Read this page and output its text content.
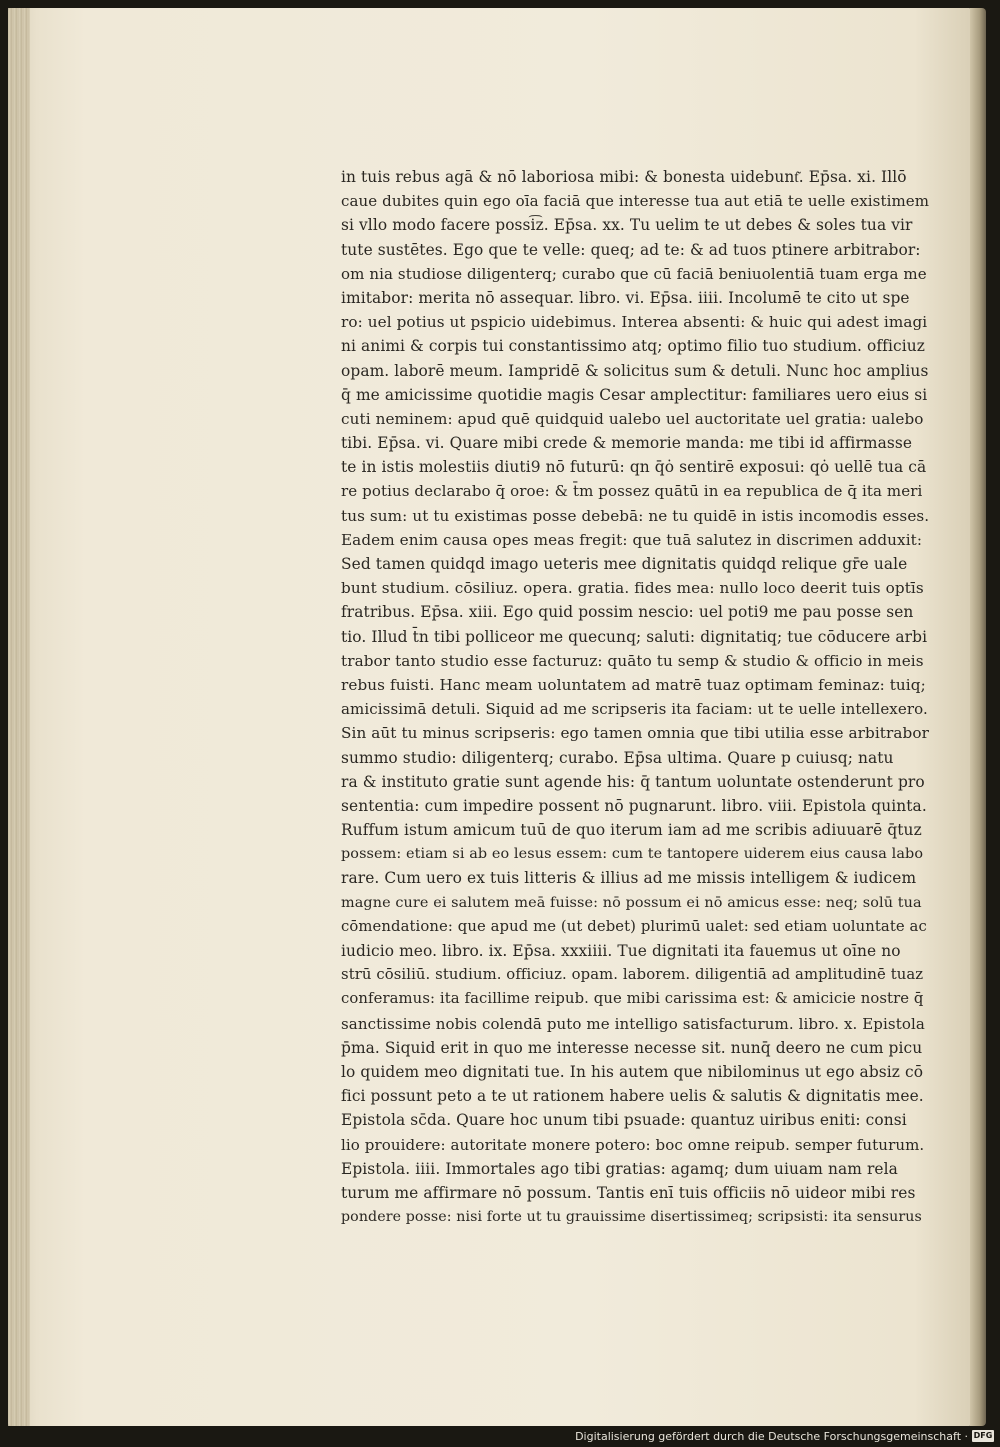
in tuis rebus agā & nō laboriosa mibi: & bonesta uidebunt͂. Ep̄sa. xi. Illō
caue dubites quin ego oīa faciā que interesse tua aut etiā te uelle existimem
si vllo modo facere possi͡z. Ep̄sa. xx. Tu uelim te ut debes & soles tua vir
tute sustētes. Ego que te velle: queq; ad te: & ad tuos ptinere arbitrabor:
om nia studiose diligenterq; curabo que cū faciā beniuolentiā tuam erga me
imitabor: merita nō assequar. libro. vi. Ep̄sa. iiii. Incolumē te cito ut spe
ro: uel potius ut pspicio uidebimus. Interea absenti: & huic qui adest imagi
ni animi & corpis tui constantissimo atq; optimo filio tuo studium. officiuz
opam. laborē meum. Iampridē & solicitus sum & detuli. Nunc hoc amplius
q̄ me amicissime quotidie magis Cesar amplectitur: familiares uero eius si
cuti neminem: apud quē quidquid ualebo uel auctoritate uel gratia: ualebo
tibi. Ep̄sa. vi. Quare mibi crede & memorie manda: me tibi id affirmasse
te in istis molestiis diuti9 nō futurū: qn q̄ȯ sentirē exposui: qȯ uellē tua cā
re potius declarabo q̄ oroe: & t̄m possez quātū in ea republica de q̄ ita meri
tus sum: ut tu existimas posse debebā: ne tu quidē in istis incomodis esses.
Eadem enim causa opes meas fregit: que tuā salutez in discrimen adduxit:
Sed tamen quidqd imago ueteris mee dignitatis quidqd relique gr̄e uale
bunt studium. cōsiliuz. opera. gratia. fides mea: nullo loco deerit tuis optīs
fratribus. Ep̄sa. xiii. Ego quid possim nescio: uel poti9 me pau posse sen
tio. Illud t̄n tibi polliceor me quecunq; saluti: dignitatiq; tue cōducere arbi
trabor tanto studio esse facturuz: quāto tu semp & studio & officio in meis
rebus fuisti. Hanc meam uoluntatem ad matrē tuaz optimam feminaz: tuiq;
amicissimā detuli. Siquid ad me scripseris ita faciam: ut te uelle intellexero.
Sin aūt tu minus scripseris: ego tamen omnia que tibi utilia esse arbitrabor
summo studio: diligenterq; curabo. Ep̄sa ultima. Quare p cuiusq; natu
ra & instituto gratie sunt agende his: q̄ tantum uoluntate ostenderunt pro
sententia: cum impedire possent nō pugnarunt. libro. viii. Epistola quinta.
Ruffum istum amicum tuū de quo iterum iam ad me scribis adiuuarē q̄tuz
possem: etiam si ab eo lesus essem: cum te tantopere uiderem eius causa labo
rare. Cum uero ex tuis litteris & illius ad me missis intelligem & iudicem
magne cure ei salutem meā fuisse: nō possum ei nō amicus esse: neq; solū tua
cōmendatione: que apud me (ut debet) plurimū ualet: sed etiam uoluntate ac
iudicio meo. libro. ix. Ep̄sa. xxxiiii. Tue dignitati ita fauemus ut oīne no
strū cōsiliū. studium. officiuz. opam. laborem. diligentiā ad amplitudinē tuaz
conferamus: ita facillime reipub. que mibi carissima est: & amicicie nostre q̄
sanctissime nobis colendā puto me intelligo satisfacturum. libro. x. Epistola
p̄ma. Siquid erit in quo me interesse necesse sit. nunq̄ deero ne cum picu
lo quidem meo dignitati tue. In his autem que nibilominus ut ego absiz cō
fici possunt peto a te ut rationem habere uelis & salutis & dignitatis mee.
Epistola sc̄da. Quare hoc unum tibi psuade: quantuz uiribus eniti: consi
lio prouidere: autoritate monere potero: boc omne reipub. semper futurum.
Epistola. iiii. Immortales ago tibi gratias: agamq; dum uiuam nam rela
turum me affirmare nō possum. Tantis enī tuis officiis nō uideor mibi res
pondere posse: nisi forte ut tu grauissime disertissimeq; scripsisti: ita sensurus
Digitalisierung gefördert durch die Deutsche Forschungsgemeinschaft · DFG
